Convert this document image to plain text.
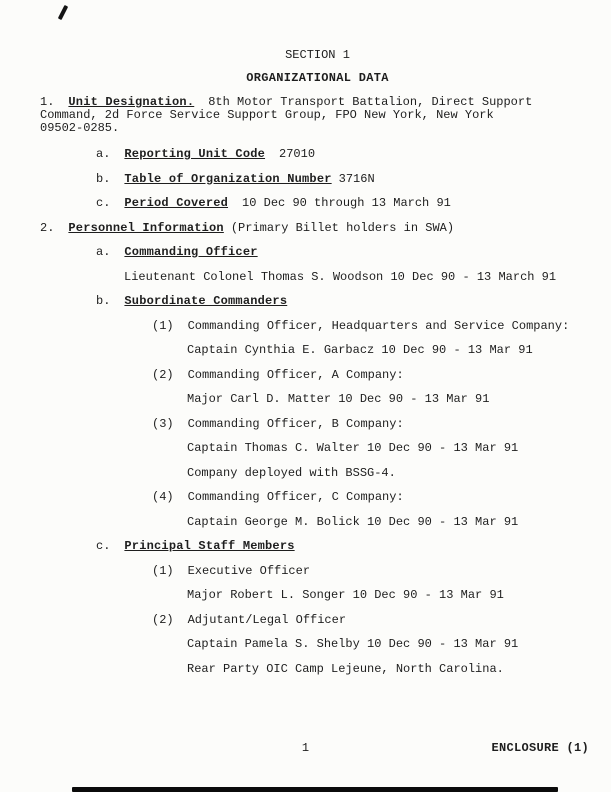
SECTION 1
ORGANIZATIONAL DATA
1. Unit Designation. 8th Motor Transport Battalion, Direct Support
Command, 2d Force Service Support Group, FPO New York, New York
09502-0285.
a. Reporting Unit Code 27010
b. Table of Organization Number 3716N
c. Period Covered 10 Dec 90 through 13 March 91
2. Personnel Information (Primary Billet holders in SWA)
a. Commanding Officer
Lieutenant Colonel Thomas S. Woodson 10 Dec 90 - 13 March 91
b. Subordinate Commanders
(1) Commanding Officer, Headquarters and Service Company:
Captain Cynthia E. Garbacz 10 Dec 90 - 13 Mar 91
(2) Commanding Officer, A Company:
Major Carl D. Matter 10 Dec 90 - 13 Mar 91
(3) Commanding Officer, B Company:
Captain Thomas C. Walter 10 Dec 90 - 13 Mar 91
Company deployed with BSSG-4.
(4) Commanding Officer, C Company:
Captain George M. Bolick 10 Dec 90 - 13 Mar 91
c. Principal Staff Members
(1) Executive Officer
Major Robert L. Songer 10 Dec 90 - 13 Mar 91
(2) Adjutant/Legal Officer
Captain Pamela S. Shelby 10 Dec 90 - 13 Mar 91
Rear Party OIC Camp Lejeune, North Carolina.
1	ENCLOSURE (1)
